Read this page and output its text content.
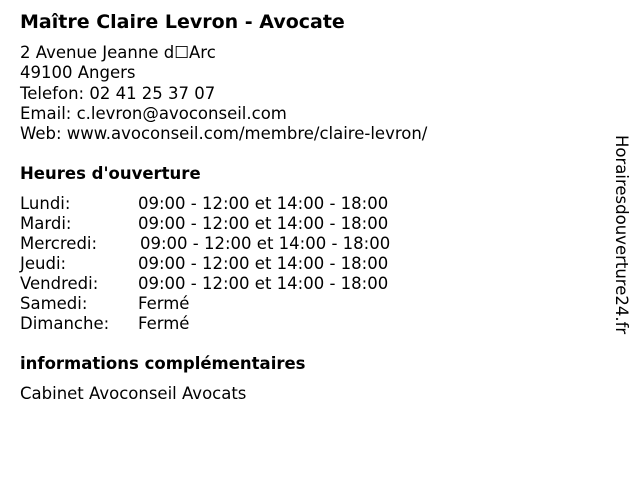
Maître Claire Levron - Avocate
2 Avenue Jeanne d☐Arc
49100 Angers
Telefon: 02 41 25 37 07
Email: c.levron@avoconseil.com
Web: www.avoconseil.com/membre/claire-levron/
Heures d'ouverture
Lundi:	09:00 - 12:00 et 14:00 - 18:00
Mardi:	09:00 - 12:00 et 14:00 - 18:00
Mercredi:	09:00 - 12:00 et 14:00 - 18:00
Jeudi:	09:00 - 12:00 et 14:00 - 18:00
Vendredi: 09:00 - 12:00 et 14:00 - 18:00
Samedi:	Fermé
Dimanche: Fermé
informations complémentaires
Cabinet Avoconseil Avocats
Horairesdouverture24.fr
